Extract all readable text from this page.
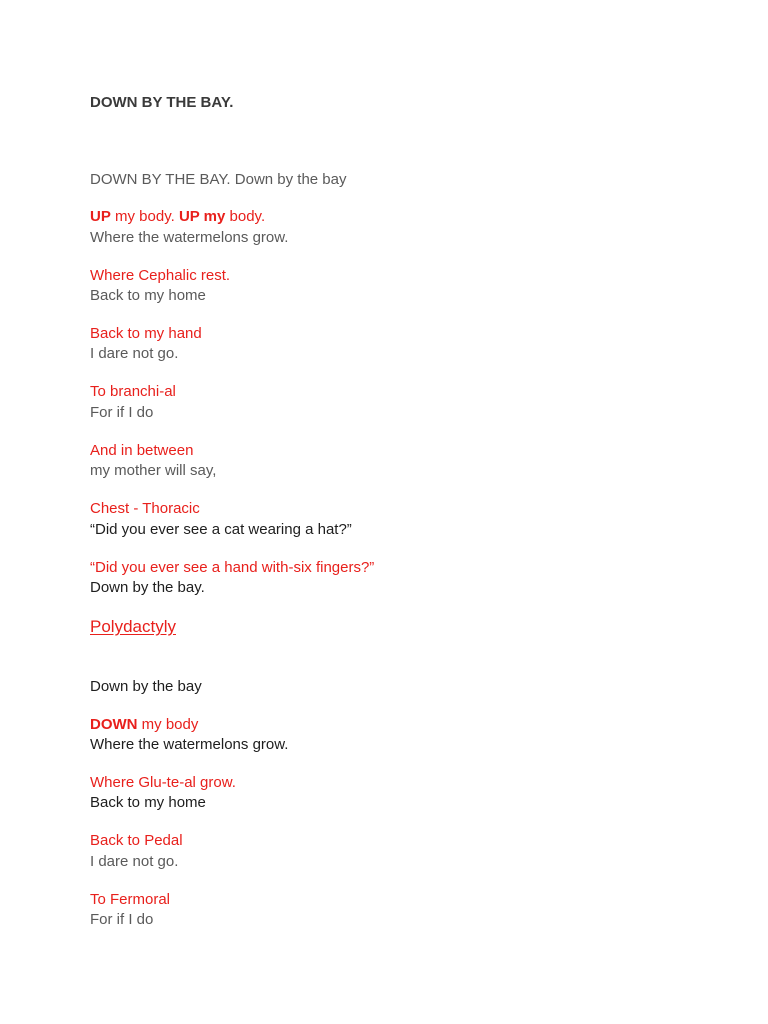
DOWN BY THE BAY.
DOWN BY THE BAY. Down by the bay
UP my body. UP my body.
Where the watermelons grow.
Where Cephalic rest.
Back to my home
Back to my hand
I dare not go.
To branchi-al
For if I do
And in between
my mother will say,
Chest - Thoracic
“Did you ever see a cat wearing a hat?”
“Did you ever see a hand with-six fingers?”
Down by the bay.
Polydactyly
Down by the bay
DOWN my body
Where the watermelons grow.
Where Glu-te-al grow.
Back to my home
Back to Pedal
I dare not go.
To Fermoral
For if I do
